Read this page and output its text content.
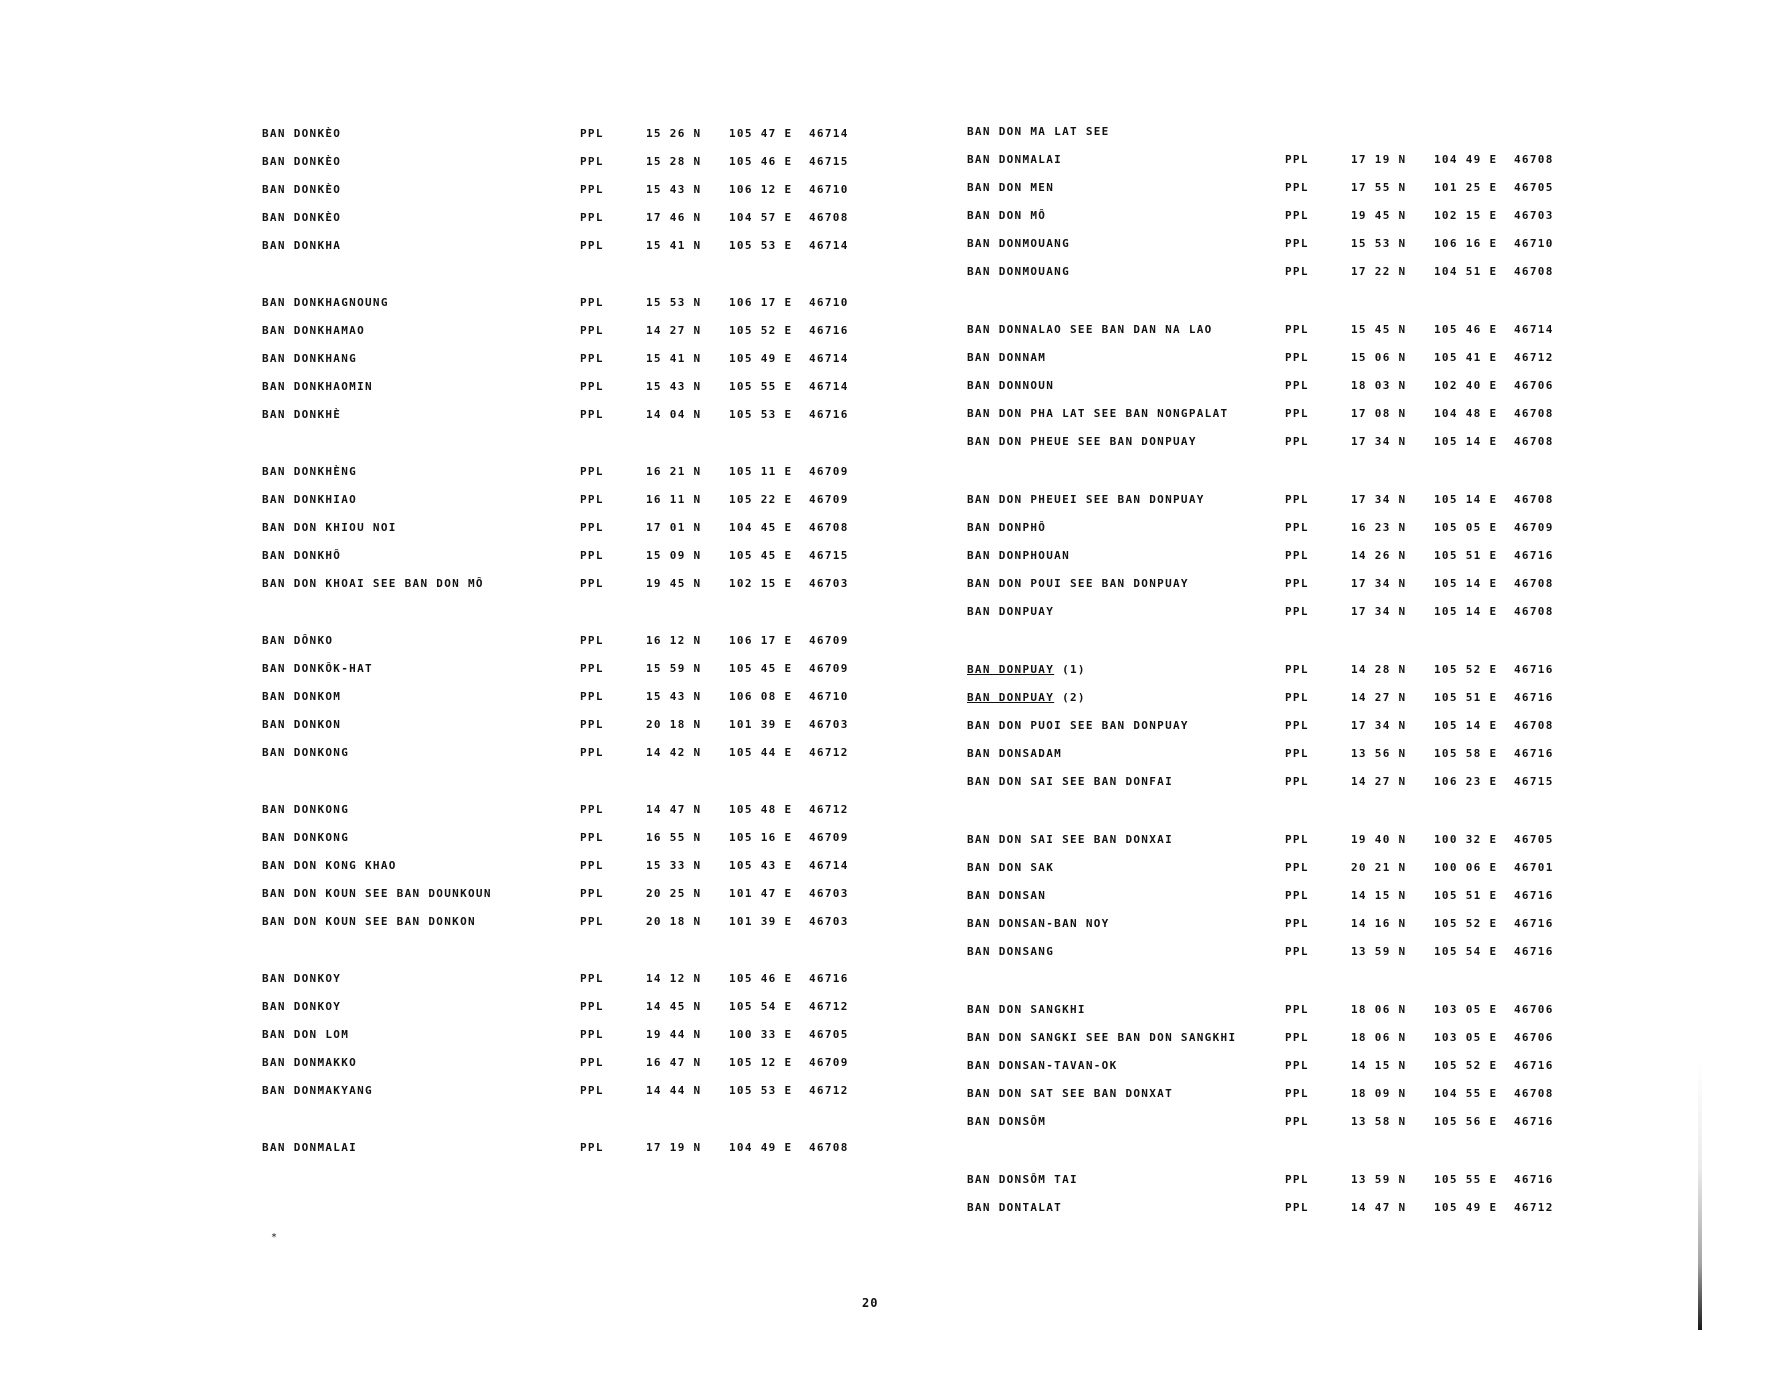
BAN DONKÈO	PPL	15 26 N	105 47 E 46714
BAN DONKÈO	PPL	15 28 N	105 46 E 46715
BAN DONKÈO	PPL	15 43 N	106 12 E 46710
BAN DONKÈO	PPL	17 46 N	104 57 E 46708
BAN DONKHA	PPL	15 41 N	105 53 E 46714
BAN DONKHAGNOUNG	PPL	15 53 N	106 17 E 46710
BAN DONKHAMAO	PPL	14 27 N	105 52 E 46716
BAN DONKHANG	PPL	15 41 N	105 49 E 46714
BAN DONKHAOMIN	PPL	15 43 N	105 55 E 46714
BAN DONKHÈ	PPL	14 04 N	105 53 E 46716
BAN DONKHÈNG	PPL	16 21 N	105 11 E 46709
BAN DONKHIAO	PPL	16 11 N	105 22 E 46709
BAN DON KHIOU NOI	PPL	17 01 N	104 45 E 46708
BAN DONKHÔ	PPL	15 09 N	105 45 E 46715
BAN DON KHOAI SEE BAN DON MÔ	PPL	19 45 N	102 15 E 46703
BAN DÔNKO	PPL	16 12 N	106 17 E 46709
BAN DONKÔK-HAT	PPL	15 59 N	105 45 E 46709
BAN DONKOM	PPL	15 43 N	106 08 E 46710
BAN DONKON	PPL	20 18 N	101 39 E 46703
BAN DONKONG	PPL	14 42 N	105 44 E 46712
BAN DONKONG	PPL	14 47 N	105 48 E 46712
BAN DONKONG	PPL	16 55 N	105 16 E 46709
BAN DON KONG KHAO	PPL	15 33 N	105 43 E 46714
BAN DON KOUN SEE BAN DOUNKOUN	PPL	20 25 N	101 47 E 46703
BAN DON KOUN SEE BAN DONKON	PPL	20 18 N	101 39 E 46703
BAN DONKOY	PPL	14 12 N	105 46 E 46716
BAN DONKOY	PPL	14 45 N	105 54 E 46712
BAN DON LOM	PPL	19 44 N	100 33 E 46705
BAN DONMAKKO	PPL	16 47 N	105 12 E 46709
BAN DONMAKYANG	PPL	14 44 N	105 53 E 46712
BAN DONMALAI	PPL	17 19 N	104 49 E 46708
BAN DON MA LAT SEE
BAN DONMALAI	PPL	17 19 N	104 49 E 46708
BAN DON MEN	PPL	17 55 N	101 25 E 46705
BAN DON MÔ	PPL	19 45 N	102 15 E 46703
BAN DONMOUANG	PPL	15 53 N	106 16 E 46710
BAN DONMOUANG	PPL	17 22 N	104 51 E 46708
BAN DONNALAO SEE BAN DAN NA LAO	PPL	15 45 N	105 46 E 46714
BAN DONNAM	PPL	15 06 N	105 41 E 46712
BAN DONNOUN	PPL	18 03 N	102 40 E 46706
BAN DON PHA LAT SEE BAN NONGPALAT	PPL	17 08 N	104 48 E 46708
BAN DON PHEUE SEE BAN DONPUAY	PPL	17 34 N	105 14 E 46708
BAN DON PHEUEI SEE BAN DONPUAY	PPL	17 34 N	105 14 E 46708
BAN DONPHÔ	PPL	16 23 N	105 05 E 46709
BAN DONPHOUAN	PPL	14 26 N	105 51 E 46716
BAN DON POUI SEE BAN DONPUAY	PPL	17 34 N	105 14 E 46708
BAN DONPUAY	PPL	17 34 N	105 14 E 46708
BAN DONPUAY (1)	PPL	14 28 N	105 52 E 46716
BAN DONPUAY (2)	PPL	14 27 N	105 51 E 46716
BAN DON PUOI SEE BAN DONPUAY	PPL	17 34 N	105 14 E 46708
BAN DONSADAM	PPL	13 56 N	105 58 E 46716
BAN DON SAI SEE BAN DONFAI	PPL	14 27 N	106 23 E 46715
BAN DON SAI SEE BAN DONXAI	PPL	19 40 N	100 32 E 46705
BAN DON SAK	PPL	20 21 N	100 06 E 46701
BAN DONSAN	PPL	14 15 N	105 51 E 46716
BAN DONSAN-BAN NOY	PPL	14 16 N	105 52 E 46716
BAN DONSANG	PPL	13 59 N	105 54 E 46716
BAN DON SANGKHI	PPL	18 06 N	103 05 E 46706
BAN DON SANGKI SEE BAN DON SANGKHI	PPL	18 06 N	103 05 E 46706
BAN DONSAN-TAVAN-OK	PPL	14 15 N	105 52 E 46716
BAN DON SAT SEE BAN DONXAT	PPL	18 09 N	104 55 E 46708
BAN DONSÔM	PPL	13 58 N	105 56 E 46716
BAN DONSÔM TAI	PPL	13 59 N	105 55 E 46716
BAN DONTALAT	PPL	14 47 N	105 49 E 46712
20
*
